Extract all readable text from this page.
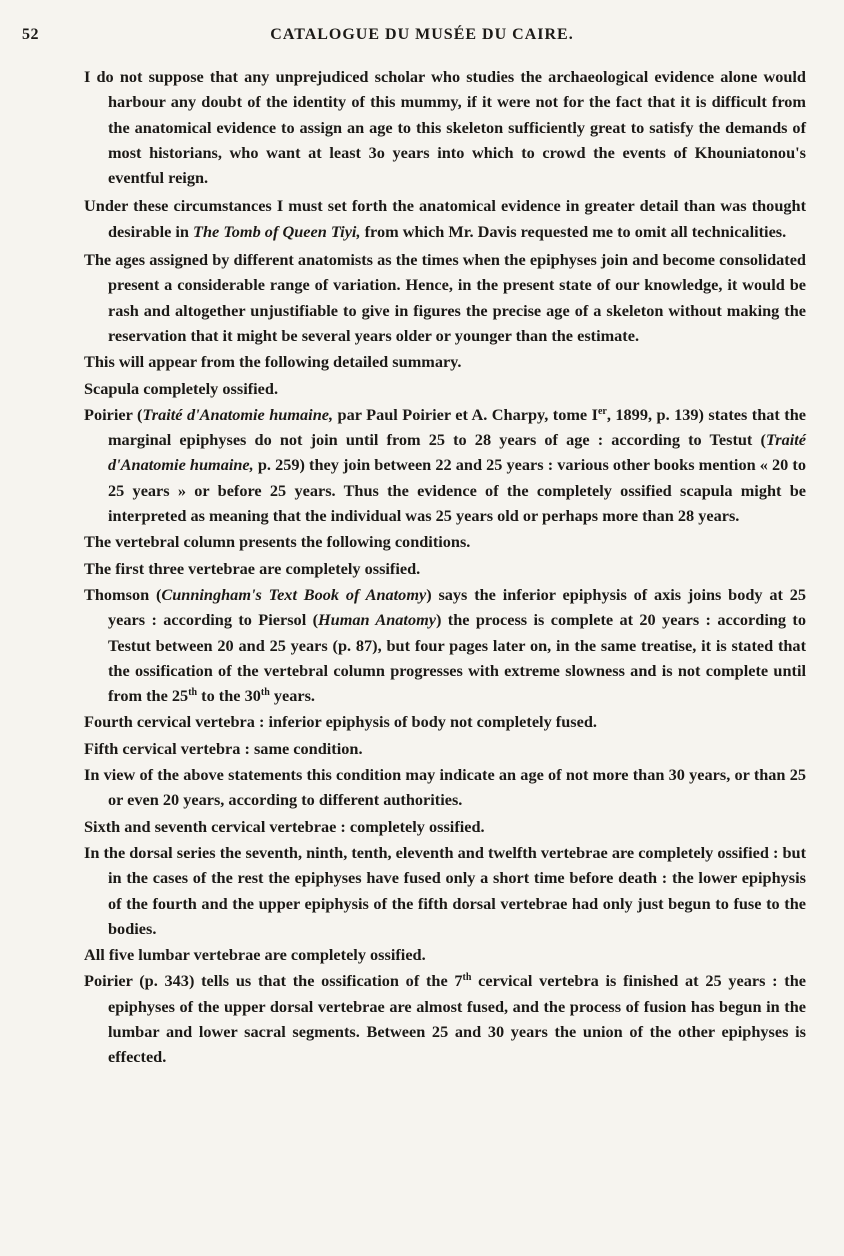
52	CATALOGUE DU MUSÉE DU CAIRE.

I do not suppose that any unprejudiced scholar who studies the archaeological evidence alone would harbour any doubt of the identity of this mummy, if it were not for the fact that it is difficult from the anatomical evidence to assign an age to this skeleton sufficiently great to satisfy the demands of most historians, who want at least 3o years into which to crowd the events of Khouniatonou's eventful reign.

Under these circumstances I must set forth the anatomical evidence in greater detail than was thought desirable in The Tomb of Queen Tiyi, from which Mr. Davis requested me to omit all technicalities.

The ages assigned by different anatomists as the times when the epiphyses join and become consolidated present a considerable range of variation. Hence, in the present state of our knowledge, it would be rash and altogether unjustifiable to give in figures the precise age of a skeleton without making the reservation that it might be several years older or younger than the estimate.

This will appear from the following detailed summary.

Scapula completely ossified.

Poirier (Traité d'Anatomie humaine, par Paul Poirier et A. Charpy, tome Ier, 1899, p. 139) states that the marginal epiphyses do not join until from 25 to 28 years of age : according to Testut (Traité d'Anatomie humaine, p. 259) they join between 22 and 25 years : various other books mention « 20 to 25 years » or before 25 years. Thus the evidence of the completely ossified scapula might be interpreted as meaning that the individual was 25 years old or perhaps more than 28 years.

The vertebral column presents the following conditions.

The first three vertebrae are completely ossified.

Thomson (Cunningham's Text Book of Anatomy) says the inferior epiphysis of axis joins body at 25 years : according to Piersol (Human Anatomy) the process is complete at 20 years : according to Testut between 20 and 25 years (p. 87), but four pages later on, in the same treatise, it is stated that the ossification of the vertebral column progresses with extreme slowness and is not complete until from the 25th to the 30th years.

Fourth cervical vertebra : inferior epiphysis of body not completely fused.

Fifth cervical vertebra : same condition.

In view of the above statements this condition may indicate an age of not more than 30 years, or than 25 or even 20 years, according to different authorities.

Sixth and seventh cervical vertebrae : completely ossified.

In the dorsal series the seventh, ninth, tenth, eleventh and twelfth vertebrae are completely ossified : but in the cases of the rest the epiphyses have fused only a short time before death : the lower epiphysis of the fourth and the upper epiphysis of the fifth dorsal vertebrae had only just begun to fuse to the bodies.

All five lumbar vertebrae are completely ossified.

Poirier (p. 343) tells us that the ossification of the 7th cervical vertebra is finished at 25 years : the epiphyses of the upper dorsal vertebrae are almost fused, and the process of fusion has begun in the lumbar and lower sacral segments. Between 25 and 30 years the union of the other epiphyses is effected.
